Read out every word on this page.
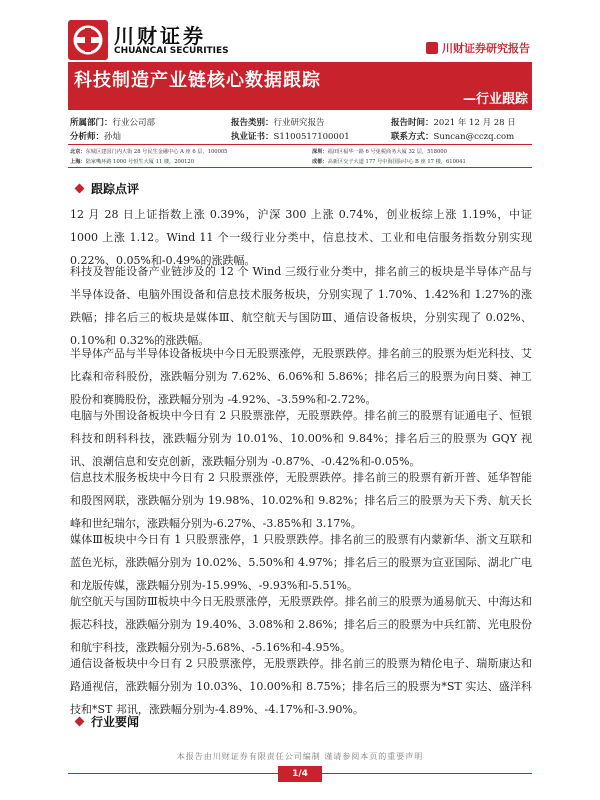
川财证券
CHUANCAI SECURITIES	川财证券研究报告
科技制造产业链核心数据跟踪
—行业跟踪
所属部门：行业公司部	报告类别：行业研究报告	报告时间：2021 年 12 月 28 日
分析师：孙灿	执业证书：S1100517100001	联系方式：Suncan@cczq.com
北京：东城区建国门内大街 28 号民生金融中心 A 座 6 层，100005	深圳：福田区福华一路 6 号免税商务大厦 32 层，518000
上海：陆家嘴环路 1000 号恒生大厦 11 楼，200120	成都：高新区交子大道 177 号中海国际中心 B 座 17 楼，610041
跟踪点评
12 月 28 日上证指数上涨 0.39%，沪深 300 上涨 0.74%，创业板综上涨 1.19%，中证 1000 上涨 1.12。Wind 11 个一级行业分类中，信息技术、工业和电信服务指数分别实现 0.22%、0.05%和-0.49%的涨跌幅。
科技及智能设备产业链涉及的 12 个 Wind 三级行业分类中，排名前三的板块是半导体产品与半导体设备、电脑外围设备和信息技术服务板块，分别实现了 1.70%、1.42%和 1.27%的涨跌幅；排名后三的板块是媒体Ⅲ、航空航天与国防Ⅲ、通信设备板块，分别实现了 0.02%、0.10%和 0.32%的涨跌幅。
半导体产品与半导体设备板块中今日无股票涨停，无股票跌停。排名前三的股票为炬光科技、艾比森和帝科股份，涨跌幅分别为 7.62%、6.06%和 5.86%；排名后三的股票为向日葵、神工股份和赛腾股份，涨跌幅分别为 -4.92%、-3.59%和-2.72%。
电脑与外围设备板块中今日有 2 只股票涨停，无股票跌停。排名前三的股票有证通电子、恒银科技和朗科科技，涨跌幅分别为 10.01%、10.00%和 9.84%；排名后三的股票为 GQY 视讯、浪潮信息和安克创新，涨跌幅分别为 -0.87%、-0.42%和-0.05%。
信息技术服务板块中今日有 2 只股票涨停，无股票跌停。排名前三的股票有新开普、延华智能和殷图网联，涨跌幅分别为 19.98%、10.02%和 9.82%；排名后三的股票为天下秀、航天长峰和世纪瑞尔，涨跌幅分别为-6.27%、-3.85%和 3.17%。
媒体Ⅲ板块中今日有 1 只股票涨停，1 只股票跌停。排名前三的股票有内蒙新华、浙文互联和蓝色光标，涨跌幅分别为 10.02%、5.50%和 4.97%；排名后三的股票为宣亚国际、湖北广电和龙版传媒，涨跌幅分别为-15.99%、-9.93%和-5.51%。
航空航天与国防Ⅲ板块中今日无股票涨停，无股票跌停。排名前三的股票为通易航天、中海达和振芯科技，涨跌幅分别为 19.40%、3.08%和 2.86%；排名后三的股票为中兵红箭、光电股份和航宇科技，涨跌幅分别为-5.68%、-5.16%和-4.95%。
通信设备板块中今日有 2 只股票涨停，无股票跌停。排名前三的股票为精伦电子、瑞斯康达和路通视信，涨跌幅分别为 10.03%、10.00%和 8.75%；排名后三的股票为*ST 实达、盛洋科技和*ST 邦讯，涨跌幅分别为-4.89%、-4.17%和-3.90%。
行业要闻
本报告由川财证券有限责任公司编制 谨请参阅本页的重要声明
1/4
